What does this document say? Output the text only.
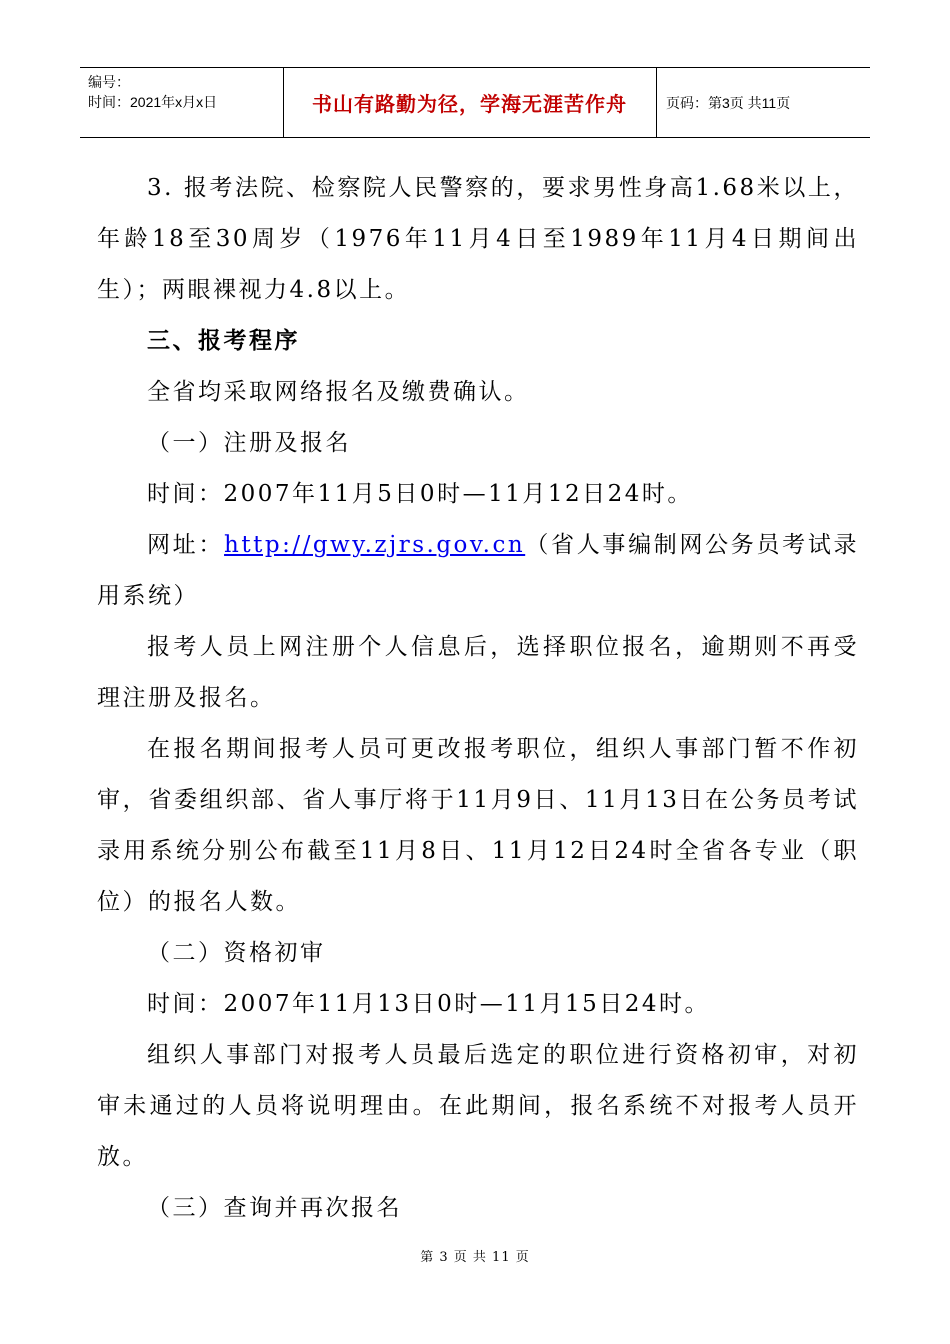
编号：
时间：2021年x月x日	书山有路勤为径，学海无涯苦作舟	页码：第3页 共11页

3. 报考法院、检察院人民警察的，要求男性身高1.68米以上，年龄18至30周岁（1976年11月4日至1989年11月4日期间出生）；两眼裸视力4.8以上。

三、报考程序

全省均采取网络报名及缴费确认。

（一）注册及报名

时间：2007年11月5日0时—11月12日24时。

网址：http://gwy.zjrs.gov.cn（省人事编制网公务员考试录用系统）

报考人员上网注册个人信息后，选择职位报名，逾期则不再受理注册及报名。

在报名期间报考人员可更改报考职位，组织人事部门暂不作初审，省委组织部、省人事厅将于11月9日、11月13日在公务员考试录用系统分别公布截至11月8日、11月12日24时全省各专业（职位）的报名人数。

（二）资格初审

时间：2007年11月13日0时—11月15日24时。

组织人事部门对报考人员最后选定的职位进行资格初审，对初审未通过的人员将说明理由。在此期间，报名系统不对报考人员开放。

（三）查询并再次报名

第 3 页 共 11 页
